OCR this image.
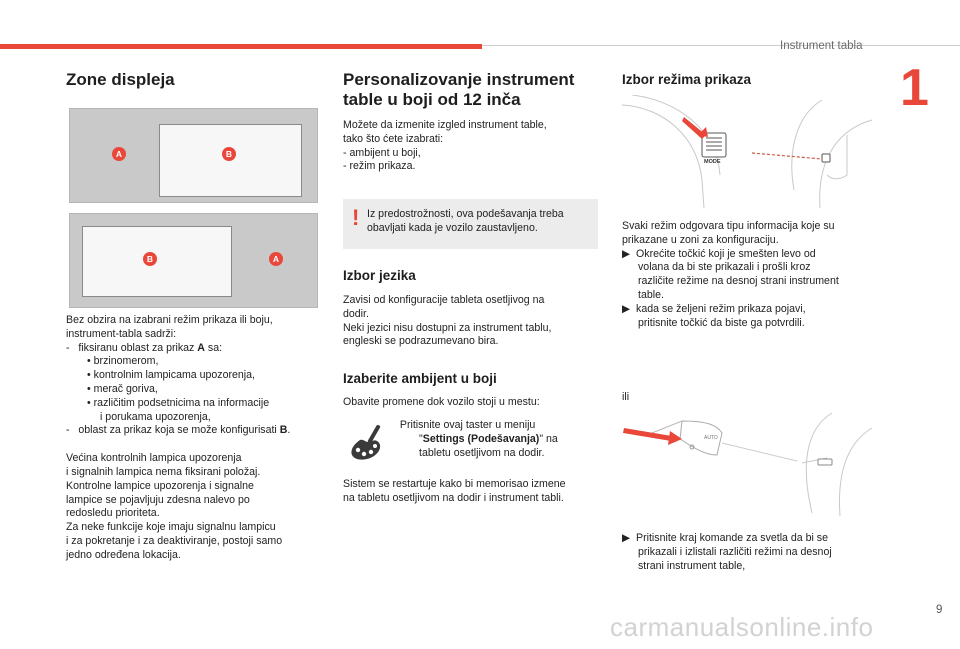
Instrument tabla
1
Zone displeja
A	B
B	A

Bez obzira na izabrani režim prikaza ili boju,

instrument-tabla sadrži:

-   fiksiranu oblast za prikaz A sa:

• brzinomerom,

• kontrolnim lampicama upozorenja,

• merač goriva,

• različitim podsetnicima na informacije

i porukama upozorenja,

-   oblast za prikaz koja se može konfigurisati B.

Većina kontrolnih lampica upozorenja

i signalnih lampica nema fiksirani položaj.

Kontrolne lampice upozorenja i signalne

lampice se pojavljuju zdesna nalevo po

redosledu prioriteta.

Za neke funkcije koje imaju signalnu lampicu

i za pokretanje i za deaktiviranje, postoji samo

jedno određena lokacija.

Personalizovanje instrument
table u boji od 12 inča

Možete da izmenite izgled instrument table,

tako što ćete izabrati:

- ambijent u boji,

- režim prikaza.

! Iz predostrožnosti, ova podešavanja treba
obavljati kada je vozilo zaustavljeno.
Izbor jezika

Zavisi od konfiguracije tableta osetljivog na

dodir.

Neki jezici nisu dostupni za instrument tablu,

engleski se podrazumevano bira.

Izaberite ambijent u boji
Obavite promene dok vozilo stoji u mestu:

Pritisnite ovaj taster u meniju

"Settings (Podešavanja)" na

tabletu osetljivom na dodir.

Sistem se restartuje kako bi memorisao izmene

na tabletu osetljivom na dodir i instrument tabli.

Izbor režima prikaza
MODE

Svaki režim odgovara tipu informacija koje su

prikazane u zoni za konfiguraciju.

▶  Okrećite točkić koji je smešten levo od

volana da bi ste prikazali i prošli kroz

različite režime na desnoj strani instrument

table.

▶  kada se željeni režim prikaza pojavi,

pritisnite točkić da biste ga potvrdili.

ili
AUTO

▶  Pritisnite kraj komande za svetla da bi se

prikazali i izlistali različiti režimi na desnoj

strani instrument table,

9
carmanualsonline.info
